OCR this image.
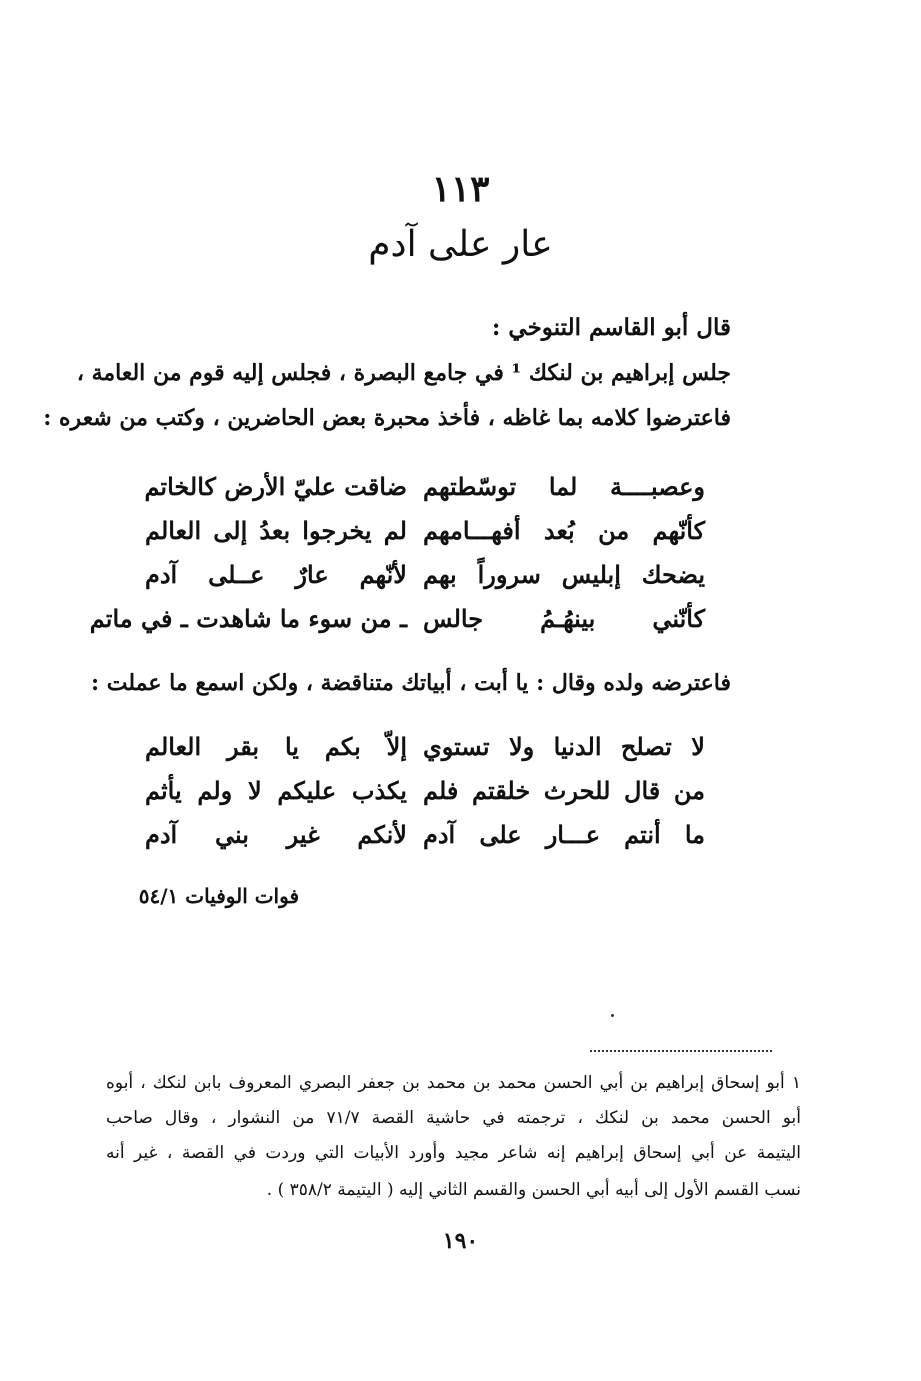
١١٣
عار على آدم
قال أبو القاسم التنوخي :
جلس إبراهيم بن لنكك ¹ في جامع البصرة ، فجلس إليه قوم من العامة ،
فاعترضوا كلامه بما غاظه ، فأخذ محبرة بعض الحاضرين ، وكتب من شعره :
وعصبــــة لما توسّطتهم
ضاقت عليّ الأرض كالخاتم
كأنّهم من بُعد أفهـــامهم
لم يخرجوا بعدُ إلى العالم
يضحك إبليس سروراً بهم
لأنّهم عارٌ عــلى آدم
كأنّني بينهُـمُ جالس
ـ من سوء ما شاهدت ـ في ماتم
فاعترضه ولده وقال : يا أبت ، أبياتك متناقضة ، ولكن اسمع ما عملت :
لا تصلح الدنيا ولا تستوي
إلاّ بكم يا بقر العالم
من قال للحرث خلقتم فلم
يكذب عليكم لا ولم يأثم
ما أنتم عـــار على آدم
لأنكم غير بني آدم
فوات الوفيات ٥٤/١
١ أبو إسحاق إبراهيم بن أبي الحسن محمد بن محمد بن جعفر البصري المعروف بابن لنكك ، أبوه
أبو الحسن محمد بن لنكك ، ترجمته في حاشية القصة ٧١/٧ من النشوار ، وقال صاحب
اليتيمة عن أبي إسحاق إبراهيم إنه شاعر مجيد وأورد الأبيات التي وردت في القصة ، غير أنه
نسب القسم الأول إلى أبيه أبي الحسن والقسم الثاني إليه ( اليتيمة ٣٥٨/٢ ) .
١٩٠
